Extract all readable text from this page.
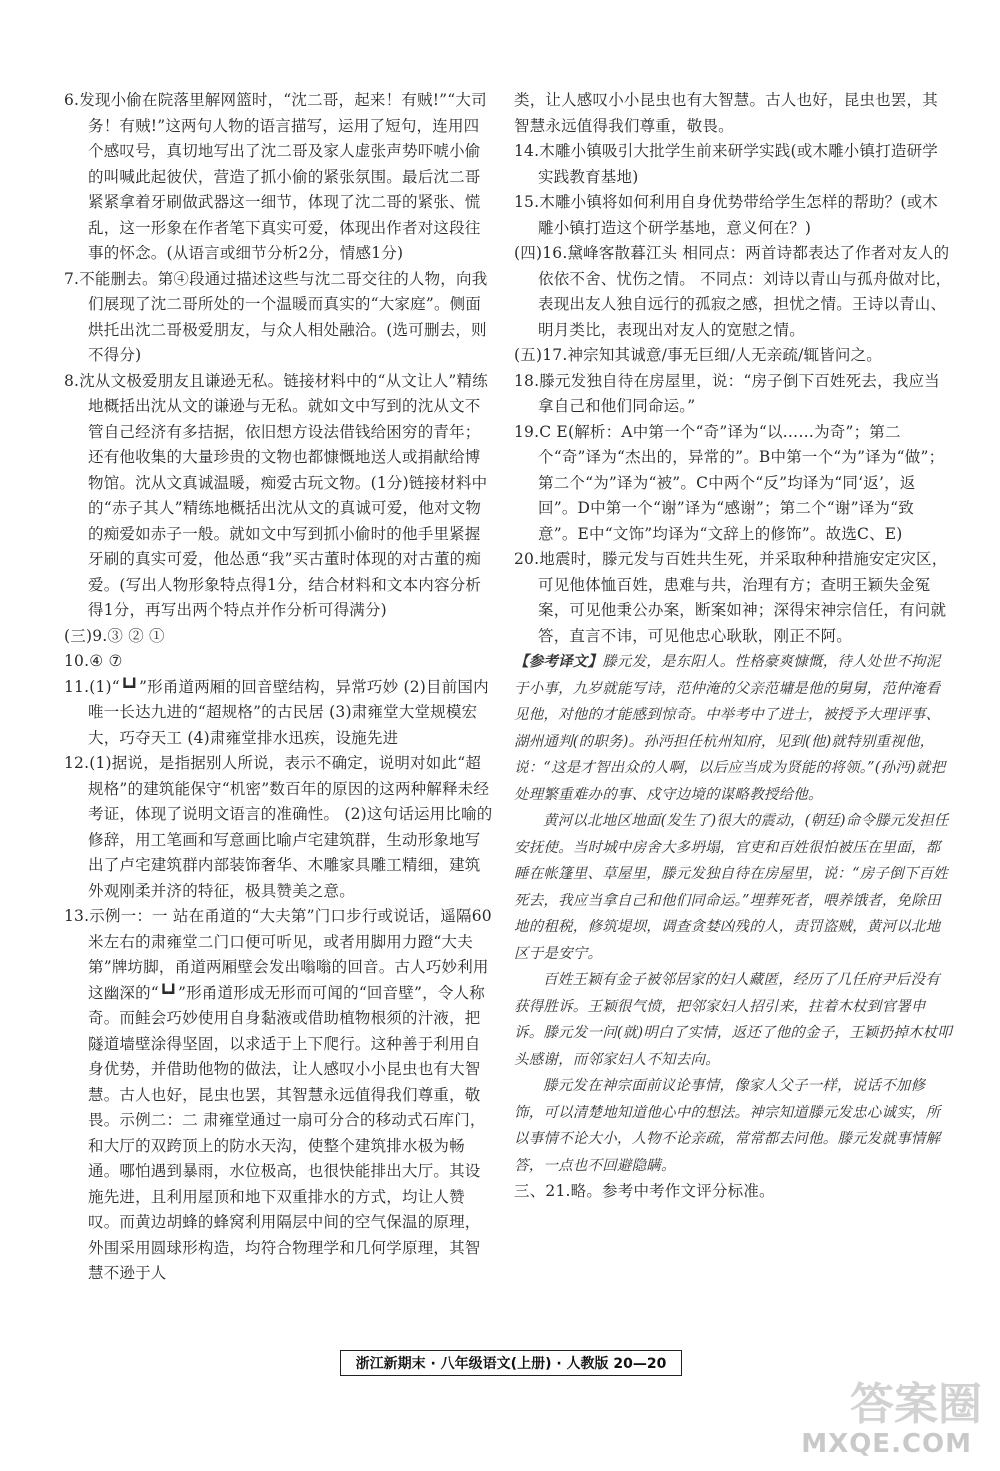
6.发现小偷在院落里解网篮时，“沈二哥，起来！有贼!”“大司务！有贼!”这两句人物的语言描写，运用了短句，连用四个感叹号，真切地写出了沈二哥及家人虚张声势吓唬小偷的叫喊此起彼伏，营造了抓小偷的紧张氛围。最后沈二哥紧紧拿着牙刷做武器这一细节，体现了沈二哥的紧张、慌乱，这一形象在作者笔下真实可爱，体现出作者对这段往事的怀念。(从语言或细节分析2分，情感1分)

7.不能删去。第④段通过描述这些与沈二哥交往的人物，向我们展现了沈二哥所处的一个温暖而真实的“大家庭”。侧面烘托出沈二哥极爱朋友，与众人相处融洽。(选可删去，则不得分)

8.沈从文极爱朋友且谦逊无私。链接材料中的“从文让人”精练地概括出沈从文的谦逊与无私。就如文中写到的沈从文不管自己经济有多拮据，依旧想方设法借钱给困穷的青年；还有他收集的大量珍贵的文物也都慷慨地送人或捐献给博物馆。沈从文真诚温暖，痴爱古玩文物。(1分)链接材料中的“赤子其人”精练地概括出沈从文的真诚可爱，他对文物的痴爱如赤子一般。就如文中写到抓小偷时的他手里紧握牙刷的真实可爱，他怂恿“我”买古董时体现的对古董的痴爱。(写出人物形象特点得1分，结合材料和文本内容分析得1分，再写出两个特点并作分析可得满分)

(三)9.③ ② ①

10.④ ⑦

11.(1)“┗┛”形甬道两厢的回音壁结构，异常巧妙 (2)目前国内唯一长达九进的“超规格”的古民居 (3)肃雍堂大堂规模宏大，巧夺天工 (4)肃雍堂排水迅疾，设施先进

12.(1)据说，是指据别人所说，表示不确定，说明对如此“超规格”的建筑能保守“机密”数百年的原因的这两种解释未经考证，体现了说明文语言的准确性。 (2)这句话运用比喻的修辞，用工笔画和写意画比喻卢宅建筑群，生动形象地写出了卢宅建筑群内部装饰奢华、木雕家具雕工精细，建筑外观刚柔并济的特征，极具赞美之意。

13.示例一：一 站在甬道的“大夫第”门口步行或说话，遥隔60米左右的肃雍堂二门口便可听见，或者用脚用力蹬“大夫第”牌坊脚，甬道两厢壁会发出嗡嗡的回音。古人巧妙利用这幽深的“┗┛”形甬道形成无形而可闻的“回音壁”，令人称奇。而鲑会巧妙使用自身黏液或借助植物根须的汁液，把隧道墙壁涂得坚固，以求适于上下爬行。这种善于利用自身优势，并借助他物的做法，让人感叹小小昆虫也有大智慧。古人也好，昆虫也罢，其智慧永远值得我们尊重，敬畏。示例二：二 肃雍堂通过一扇可分合的移动式石库门，和大厅的双跨顶上的防水天沟，使整个建筑排水极为畅通。哪怕遇到暴雨，水位极高，也很快能排出大厅。其设施先进，且利用屋顶和地下双重排水的方式，均让人赞叹。而黄边胡蜂的蜂窝利用隔层中间的空气保温的原理，外围采用圆球形构造，均符合物理学和几何学原理，其智慧不逊于人

类，让人感叹小小昆虫也有大智慧。古人也好，昆虫也罢，其智慧永远值得我们尊重，敬畏。

14.木雕小镇吸引大批学生前来研学实践(或木雕小镇打造研学实践教育基地)

15.木雕小镇将如何利用自身优势带给学生怎样的帮助？(或木雕小镇打造这个研学基地，意义何在？)

(四)16.黛峰客散暮江头 相同点：两首诗都表达了作者对友人的依依不舍、忧伤之情。 不同点：刘诗以青山与孤舟做对比，表现出友人独自远行的孤寂之感，担忧之情。王诗以青山、明月类比，表现出对友人的宽慰之情。

(五)17.神宗知其诚意/事无巨细/人无亲疏/辄皆问之。

18.滕元发独自待在房屋里，说：“房子倒下百姓死去，我应当拿自己和他们同命运。”

19.C E(解析：A中第一个“奇”译为“以……为奇”；第二个“奇”译为“杰出的，异常的”。B中第一个“为”译为“做”；第二个“为”译为“被”。C中两个“反”均译为“同‘返’，返回”。D中第一个“谢”译为“感谢”；第二个“谢”译为“致意”。E中“文饰”均译为“文辞上的修饰”。故选C、E)

20.地震时，滕元发与百姓共生死，并采取种种措施安定灾区，可见他体恤百姓，患难与共，治理有方；查明王颖失金冤案，可见他秉公办案，断案如神；深得宋神宗信任，有问就答，直言不讳，可见他忠心耿耿，刚正不阿。

【参考译文】滕元发，是东阳人。性格豪爽慷慨，待人处世不拘泥于小事，九岁就能写诗，范仲淹的父亲范墉是他的舅舅，范仲淹看见他，对他的才能感到惊奇。中举考中了进士，被授予大理评事、湖州通判(的职务)。孙沔担任杭州知府，见到(他)就特别重视他，说：“这是才智出众的人啊，以后应当成为贤能的将领。”(孙沔)就把处理繁重难办的事、戍守边境的谋略教授给他。

黄河以北地区地面(发生了)很大的震动，(朝廷)命令滕元发担任安抚使。当时城中房舍大多坍塌，官吏和百姓很怕被压在里面，都睡在帐篷里、草屋里，滕元发独自待在房屋里，说：“房子倒下百姓死去，我应当拿自己和他们同命运。”埋葬死者，喂养饿者，免除田地的租税，修筑堤坝，调查贪婪凶残的人，责罚盗贼，黄河以北地区于是安宁。

百姓王颖有金子被邻居家的妇人藏匿，经历了几任府尹后没有获得胜诉。王颖很气愤，把邻家妇人招引来，拄着木杖到官署申诉。滕元发一问(就)明白了实情，返还了他的金子，王颖扔掉木杖叩头感谢，而邻家妇人不知去向。

滕元发在神宗面前议论事情，像家人父子一样，说话不加修饰，可以清楚地知道他心中的想法。神宗知道滕元发忠心诚实，所以事情不论大小，人物不论亲疏，常常都去问他。滕元发就事情解答，一点也不回避隐瞒。

三、21.略。参考中考作文评分标准。

浙江新期末 · 八年级语文(上册) · 人教版 20—20
答案圈
MXQE.COM
